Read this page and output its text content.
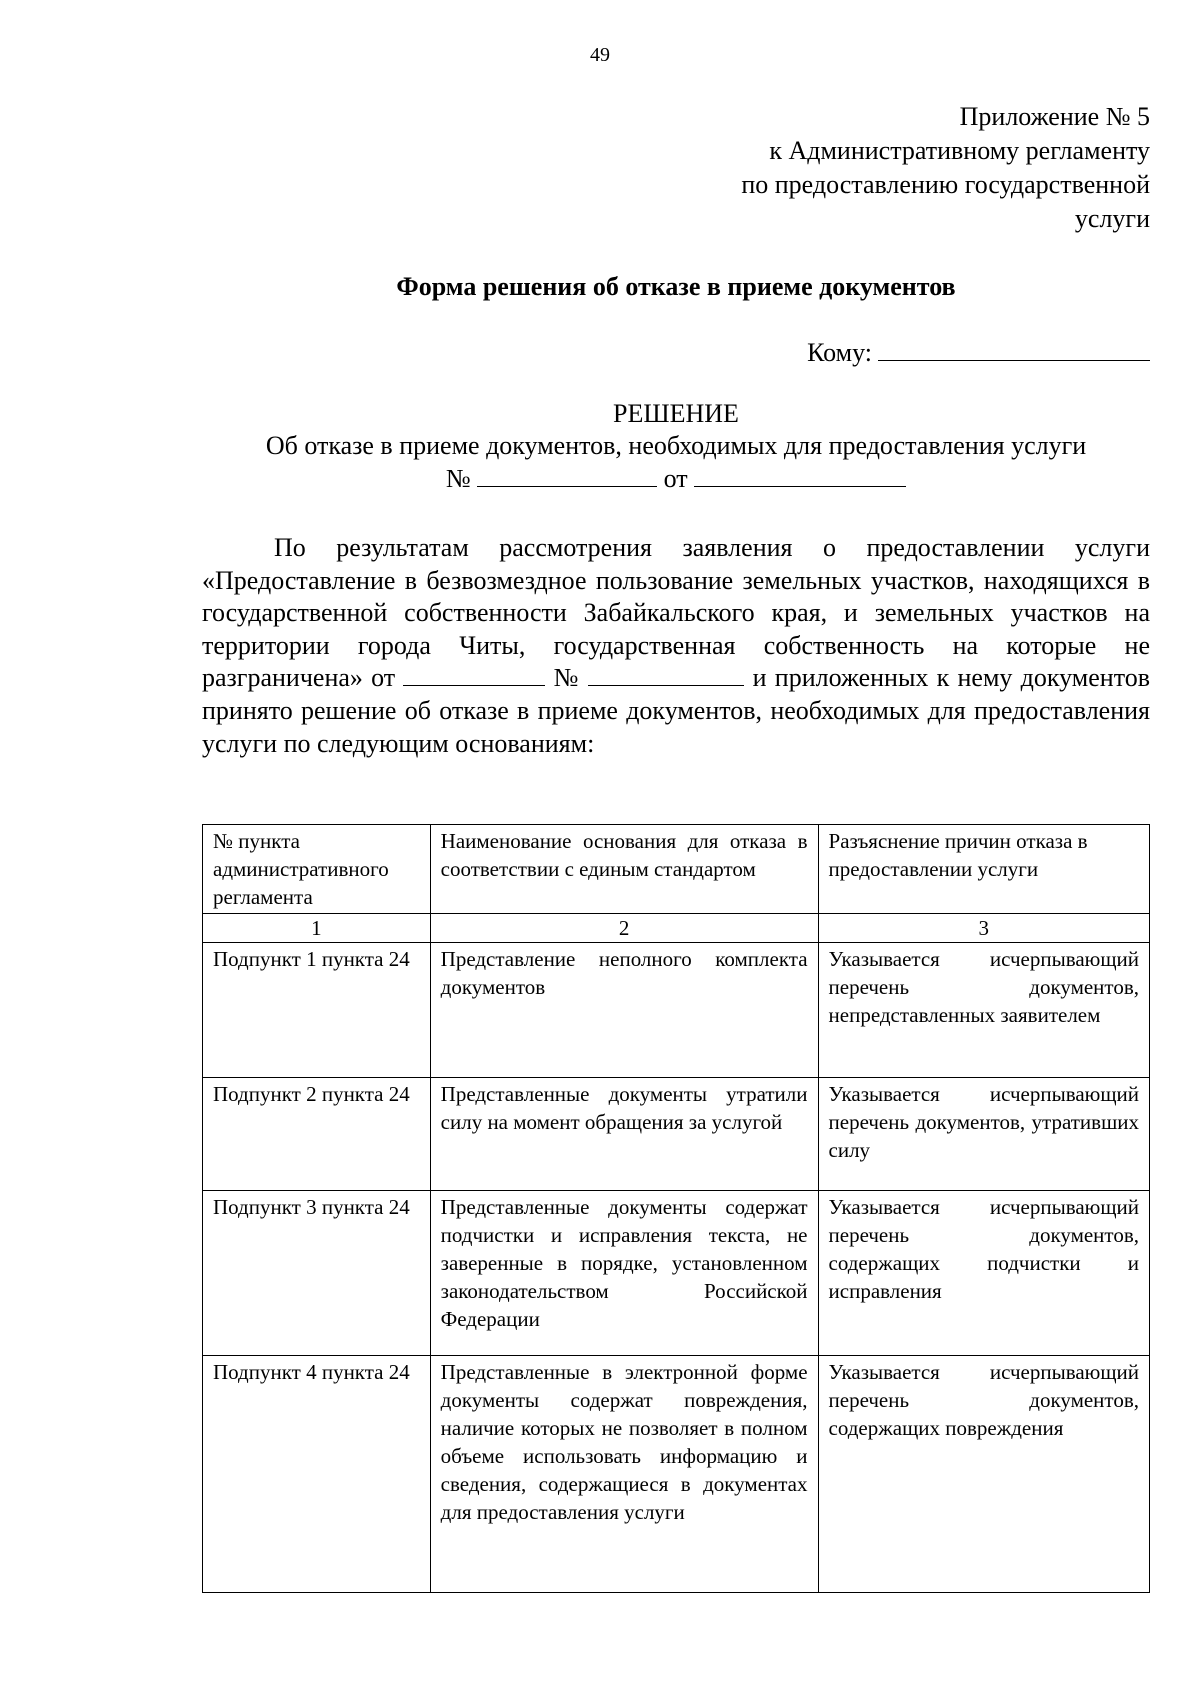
49
Приложение № 5
к Административному регламенту
по предоставлению государственной
услуги
Форма решения об отказе в приеме документов
Кому:
РЕШЕНИЕ
Об отказе в приеме документов, необходимых для предоставления услуги
№	от

По результатам рассмотрения заявления о предоставлении услуги «Предоставление в безвозмездное пользование земельных участков, находящихся в государственной собственности Забайкальского края, и земельных участков на территории города Читы, государственная собственность на которые не разграничена» от	№	и приложенных к нему документов принято решение об отказе в приеме документов, необходимых для предоставления услуги по следующим основаниям:

№ пункта административного регламента	Наименование основания для отказа в соответствии с единым стандартом	Разъяснение причин отказа в предоставлении услуги
1	2	3
Подпункт 1 пункта 24	Представление неполного комплекта документов	Указывается исчерпывающий перечень документов, непредставленных заявителем
Подпункт 2 пункта 24	Представленные документы утратили силу на момент обращения за услугой	Указывается исчерпывающий перечень документов, утративших силу
Подпункт 3 пункта 24	Представленные документы содержат подчистки и исправления текста, не заверенные в порядке, установленном законодательством Российской Федерации	Указывается исчерпывающий перечень документов, содержащих подчистки и исправления
Подпункт 4 пункта 24	Представленные в электронной форме документы содержат повреждения, наличие которых не позволяет в полном объеме использовать информацию и сведения, содержащиеся в документах для предоставления услуги	Указывается исчерпывающий перечень документов, содержащих повреждения
